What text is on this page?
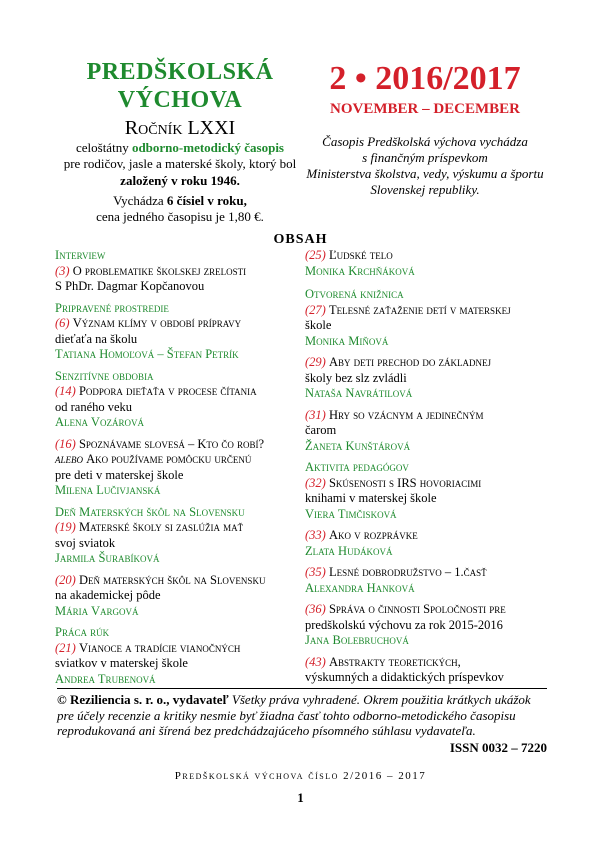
PREDŠKOLSKÁ
VÝCHOVA
Ročník LXXI
celoštátny odborno-metodický časopis
pre rodičov, jasle a materské školy, ktorý bol
založený v roku 1946.
Vychádza 6 čísiel v roku,
cena jedného časopisu je 1,80 €.
2 • 2016/2017
NOVEMBER – DECEMBER
Časopis Predškolská výchova vychádza
s finančným príspevkom
Ministerstva školstva, vedy, výskumu a športu
Slovenskej republiky.
OBSAH
Interview
(3) O problematike školskej zrelosti
S PhDr. Dagmar Kopčanovou
Pripravené prostredie
(6) Význam klímy v období prípravy
dieťaťa na školu
Tatiana Homoľová – Štefan Petrík
Senzitívne obdobia
(14) Podpora dieťaťa v procese čítania
od raného veku
Alena Vozárová
(16) Spoznávame slovesá – Kto čo robí?
alebo Ako používame pomôcku určenú
pre deti v materskej škole
Milena Lučivjanská
Deň Materských škôl na Slovensku
(19) Materské školy si zaslúžia mať
svoj sviatok
Jarmila Šurabíková
(20) Deň materských škôl na Slovensku
na akademickej pôde
Mária Vargová
Práca rúk
(21) Vianoce a tradície vianočných
sviatkov v materskej škole
Andrea Trubenová
(25) Ľudské telo
Monika Krchňáková
Otvorená knižnica
(27) Telesné zaťaženie detí v materskej
škole
Monika Miňová
(29) Aby deti prechod do základnej
školy bez slz zvládli
Nataša Navrátilová
(31) Hry so vzácnym a jedinečným
čarom
Žaneta Kunštárová
Aktivita pedagógov
(32) Skúsenosti s IRS hovoriacimi
knihami v materskej škole
Viera Timčisková
(33) Ako v rozprávke
Zlata Hudáková
(35) Lesné dobrodružstvo – 1.časť
Alexandra Hanková
(36) Správa o činnosti Spoločnosti pre
predškolskú výchovu za rok 2015-2016
Jana Bolebruchová
(43) Abstrakty teoretických,
výskumných a didaktických príspevkov
© Reziliencia s. r. o., vydavateľ Všetky práva vyhradené. Okrem použitia krátkych ukážok pre účely recenzie a kritiky nesmie byť žiadna časť tohto odborno-metodického časopisu reprodukovaná ani šírená bez predchádzajúceho písomného súhlasu vydavateľa.
ISSN 0032 – 7220
Predškolská výchova číslo 2/2016 – 2017
1
